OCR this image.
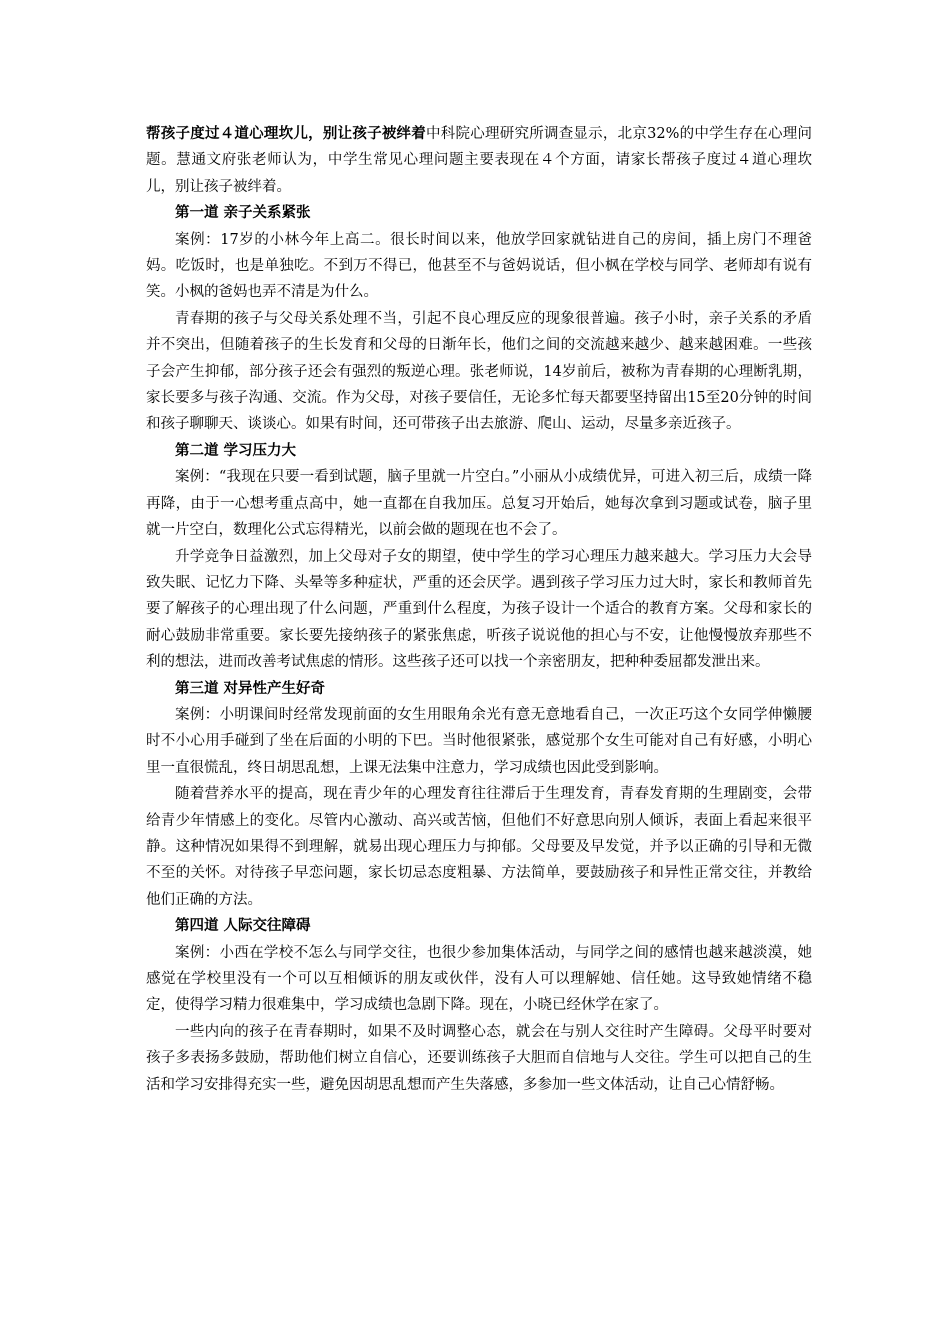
帮孩子度过４道心理坎儿，别让孩子被绊着中科院心理研究所调查显示，北京32%的中学生存在心理问题。慧通文府张老师认为，中学生常见心理问题主要表现在４个方面，请家长帮孩子度过４道心理坎儿，别让孩子被绊着。

第一道 亲子关系紧张

案例：17岁的小林今年上高二。很长时间以来，他放学回家就钻进自己的房间，插上房门不理爸妈。吃饭时，也是单独吃。不到万不得已，他甚至不与爸妈说话，但小枫在学校与同学、老师却有说有笑。小枫的爸妈也弄不清是为什么。

青春期的孩子与父母关系处理不当，引起不良心理反应的现象很普遍。孩子小时，亲子关系的矛盾并不突出，但随着孩子的生长发育和父母的日渐年长，他们之间的交流越来越少、越来越困难。一些孩子会产生抑郁，部分孩子还会有强烈的叛逆心理。张老师说，14岁前后，被称为青春期的心理断乳期，家长要多与孩子沟通、交流。作为父母，对孩子要信任，无论多忙每天都要坚持留出15至20分钟的时间和孩子聊聊天、谈谈心。如果有时间，还可带孩子出去旅游、爬山、运动，尽量多亲近孩子。

第二道 学习压力大

案例：“我现在只要一看到试题，脑子里就一片空白。”小丽从小成绩优异，可进入初三后，成绩一降再降，由于一心想考重点高中，她一直都在自我加压。总复习开始后，她每次拿到习题或试卷，脑子里就一片空白，数理化公式忘得精光，以前会做的题现在也不会了。

升学竞争日益激烈，加上父母对子女的期望，使中学生的学习心理压力越来越大。学习压力大会导致失眠、记忆力下降、头晕等多种症状，严重的还会厌学。遇到孩子学习压力过大时，家长和教师首先要了解孩子的心理出现了什么问题，严重到什么程度，为孩子设计一个适合的教育方案。父母和家长的耐心鼓励非常重要。家长要先接纳孩子的紧张焦虑，听孩子说说他的担心与不安，让他慢慢放弃那些不利的想法，进而改善考试焦虑的情形。这些孩子还可以找一个亲密朋友，把种种委屈都发泄出来。

第三道 对异性产生好奇

案例：小明课间时经常发现前面的女生用眼角余光有意无意地看自己，一次正巧这个女同学伸懒腰时不小心用手碰到了坐在后面的小明的下巴。当时他很紧张，感觉那个女生可能对自己有好感，小明心里一直很慌乱，终日胡思乱想，上课无法集中注意力，学习成绩也因此受到影响。

随着营养水平的提高，现在青少年的心理发育往往滞后于生理发育，青春发育期的生理剧变，会带给青少年情感上的变化。尽管内心激动、高兴或苦恼，但他们不好意思向别人倾诉，表面上看起来很平静。这种情况如果得不到理解，就易出现心理压力与抑郁。父母要及早发觉，并予以正确的引导和无微不至的关怀。对待孩子早恋问题，家长切忌态度粗暴、方法简单，要鼓励孩子和异性正常交往，并教给他们正确的方法。

第四道 人际交往障碍

案例：小西在学校不怎么与同学交往，也很少参加集体活动，与同学之间的感情也越来越淡漠，她感觉在学校里没有一个可以互相倾诉的朋友或伙伴，没有人可以理解她、信任她。这导致她情绪不稳定，使得学习精力很难集中，学习成绩也急剧下降。现在，小晓已经休学在家了。

一些内向的孩子在青春期时，如果不及时调整心态，就会在与别人交往时产生障碍。父母平时要对孩子多表扬多鼓励，帮助他们树立自信心，还要训练孩子大胆而自信地与人交往。学生可以把自己的生活和学习安排得充实一些，避免因胡思乱想而产生失落感，多参加一些文体活动，让自己心情舒畅。
